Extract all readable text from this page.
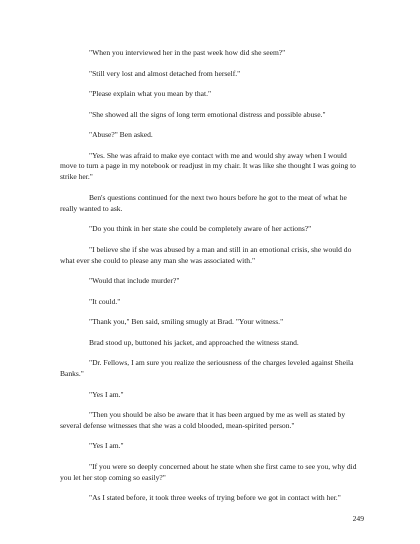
"When you interviewed her in the past week how did she seem?"

"Still very lost and almost detached from herself."

"Please explain what you mean by that."

"She showed all the signs of long term emotional distress and possible abuse."

"Abuse?" Ben asked.

"Yes. She was afraid to make eye contact with me and would shy away when I would move to turn a page in my notebook or readjust in my chair. It was like she thought I was going to strike her."

Ben's questions continued for the next two hours before he got to the meat of what he really wanted to ask.

"Do you think in her state she could be completely aware of her actions?"

"I believe she if she was abused by a man and still in an emotional crisis, she would do what ever she could to please any man she was associated with."

"Would that include murder?"

"It could."

"Thank you," Ben said, smiling smugly at Brad. "Your witness."

Brad stood up, buttoned his jacket, and approached the witness stand.

"Dr. Fellows, I am sure you realize the seriousness of the charges leveled against Sheila Banks."

"Yes I am."

"Then you should be also be aware that it has been argued by me as well as stated by several defense witnesses that she was a cold blooded, mean-spirited person."

"Yes I am."

"If you were so deeply concerned about he state when she first came to see you, why did you let her stop coming so easily?"

"As I stated before, it took three weeks of trying before we got in contact with her."

249
